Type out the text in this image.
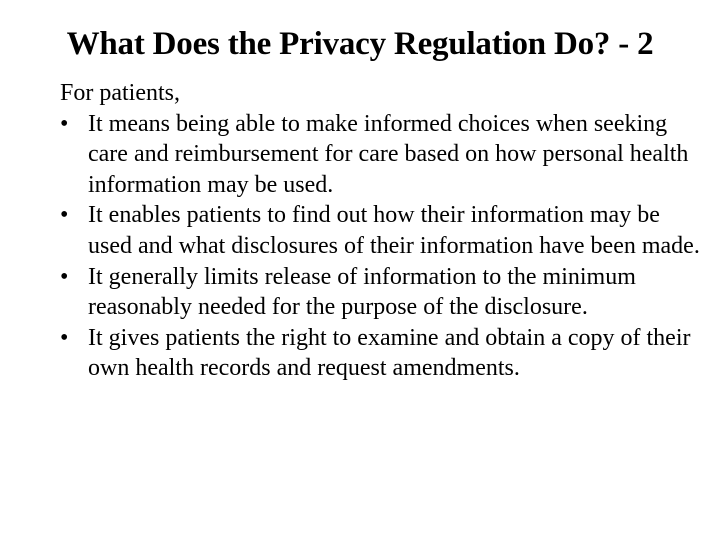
What Does the Privacy Regulation Do? - 2

For patients,

• It means being able to make informed choices when seeking care and reimbursement for care based on how personal health information may be used.
• It enables patients to find out how their information may be used and what disclosures of their information have been made.
• It generally limits release of information to the minimum reasonably needed for the purpose of the disclosure.
• It gives patients the right to examine and obtain a copy of their own health records and request amendments.
